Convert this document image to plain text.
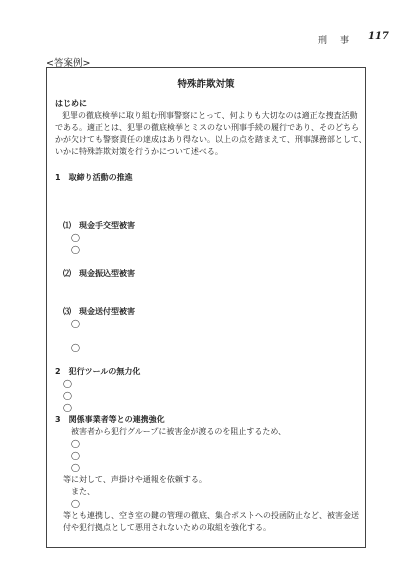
刑 事 117
<答案例>
特殊詐欺対策
はじめに
犯罪の徹底検挙に取り組む刑事警察にとって、何よりも大切なのは適正な捜査活動
である。適正とは、犯罪の徹底検挙とミスのない刑事手続の履行であり、そのどちら
かが欠けても警察責任の達成はあり得ない。以上の点を踏まえて、刑事課務部として、
いかに特殊詐欺対策を行うかについて述べる。
1　取締り活動の推進
⑴　現金手交型被害
◯
◯
⑵　現金振込型被害
⑶　現金送付型被害
◯
◯
2　犯行ツールの無力化
◯
◯
◯
3　関係事業者等との連携強化
被害者から犯行グループに被害金が渡るのを阻止するため、
◯
◯
◯
等に対して、声掛けや通報を依頼する。
また、
◯
等とも連携し、空き室の鍵の管理の徹底、集合ポストへの投函防止など、被害金送
付や犯行拠点として悪用されないための取組を強化する。
